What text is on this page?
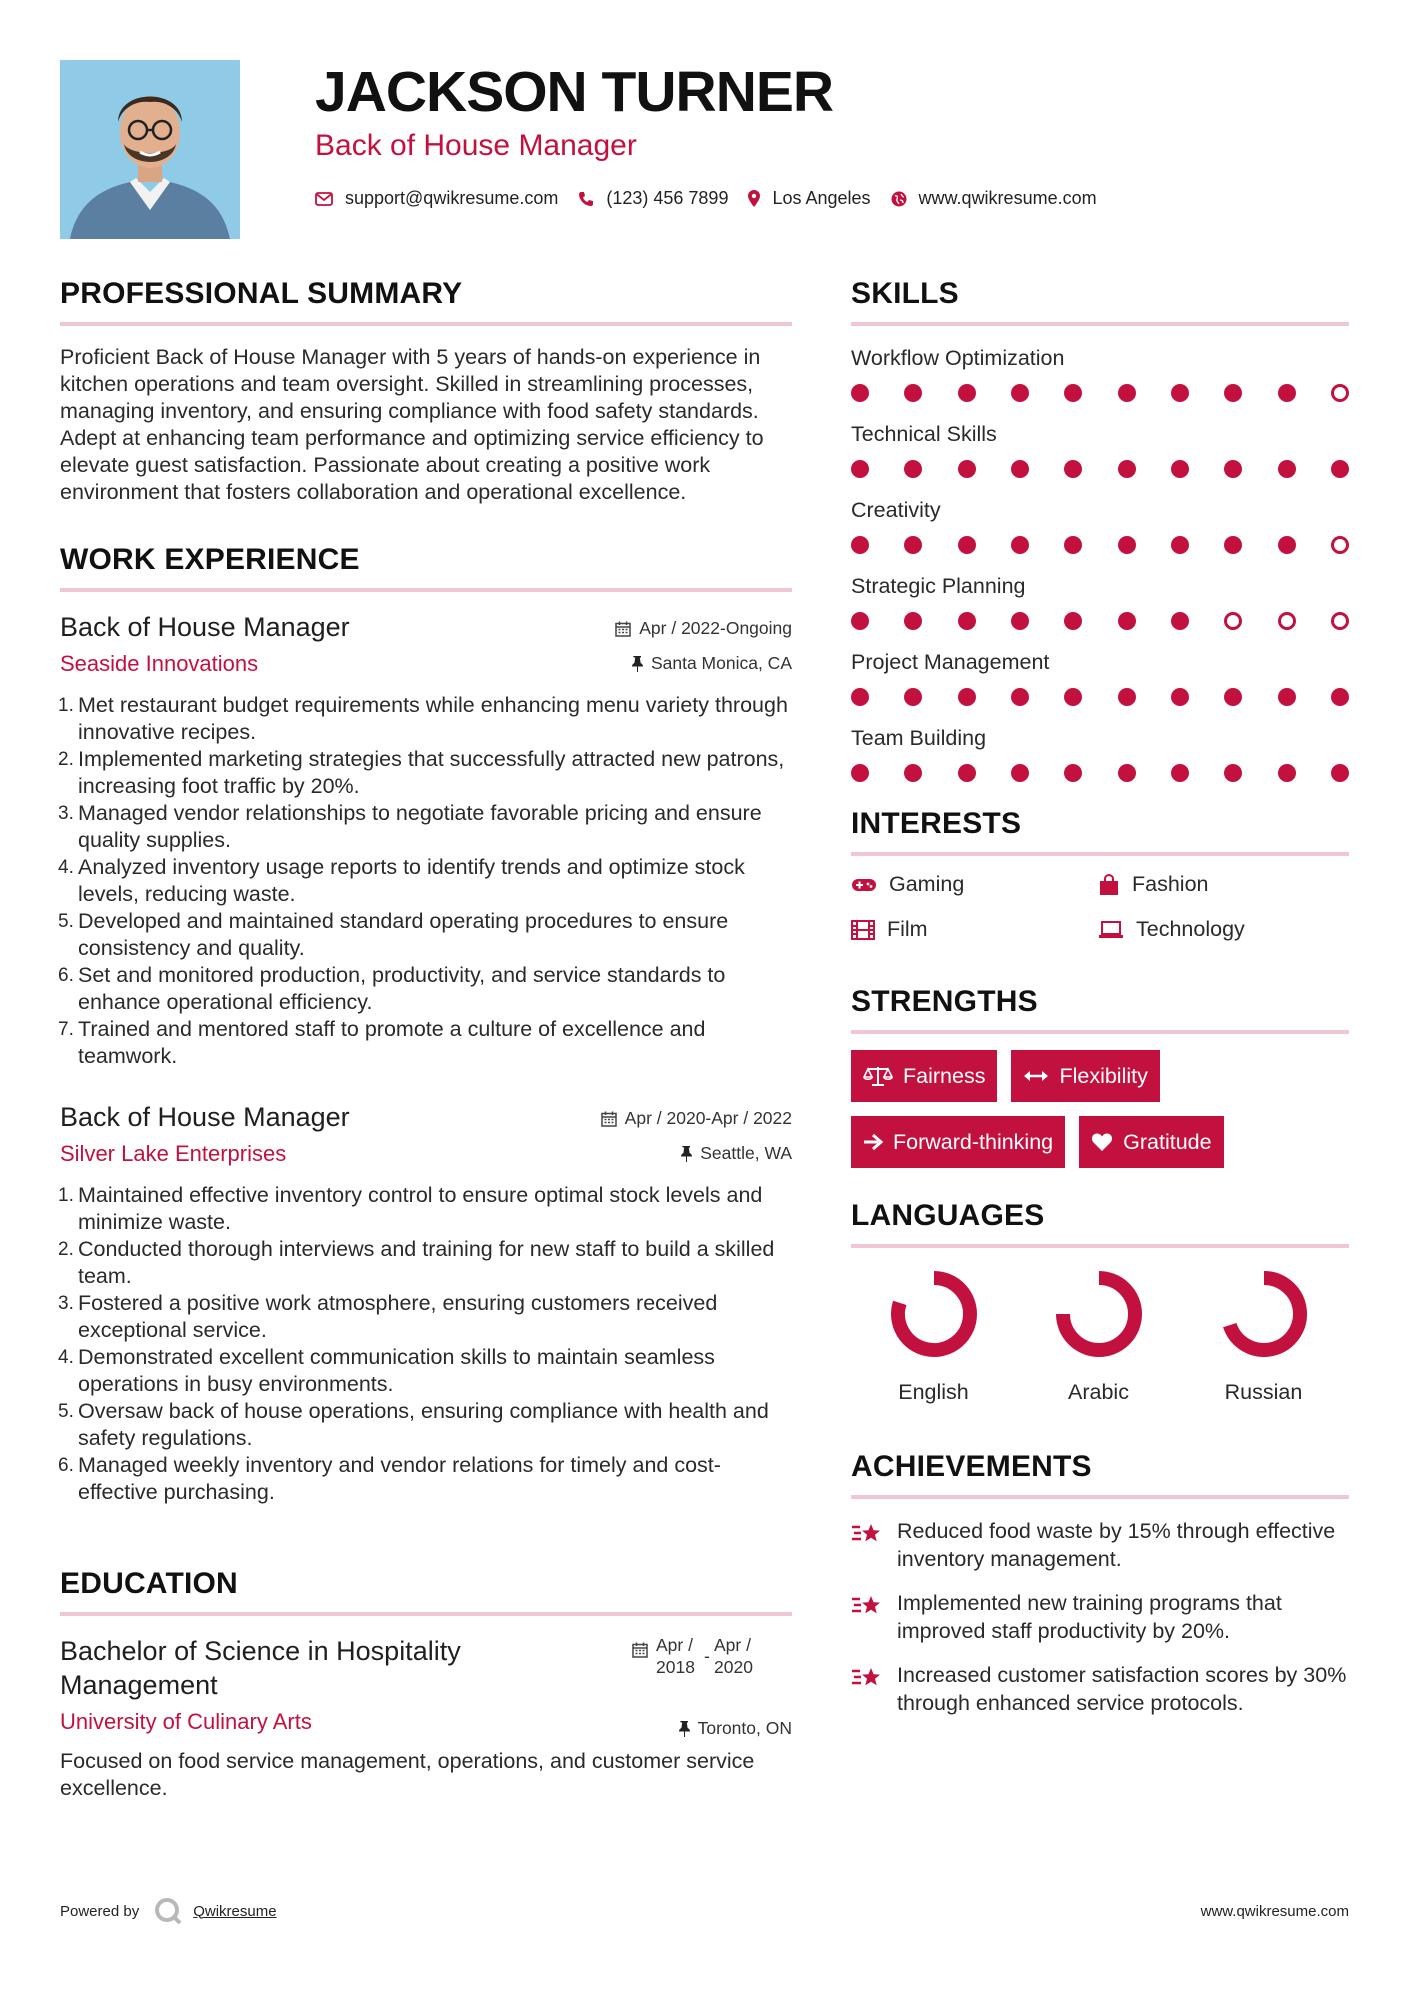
JACKSON TURNER
Back of House Manager
support@qwikresume.com	(123) 456 7899 Los Angeles	www.qwikresume.com
PROFESSIONAL SUMMARY
Proficient Back of House Manager with 5 years of hands-on experience in kitchen operations and team oversight. Skilled in streamlining processes, managing inventory, and ensuring compliance with food safety standards. Adept at enhancing team performance and optimizing service efficiency to elevate guest satisfaction. Passionate about creating a positive work environment that fosters collaboration and operational excellence.
WORK EXPERIENCE
Back of House Manager
Seaside Innovations
Apr / 2022-Ongoing
Santa Monica, CA
Met restaurant budget requirements while enhancing menu variety through innovative recipes.
Implemented marketing strategies that successfully attracted new patrons, increasing foot traffic by 20%.
Managed vendor relationships to negotiate favorable pricing and ensure quality supplies.
Analyzed inventory usage reports to identify trends and optimize stock levels, reducing waste.
Developed and maintained standard operating procedures to ensure consistency and quality.
Set and monitored production, productivity, and service standards to enhance operational efficiency.
Trained and mentored staff to promote a culture of excellence and teamwork.
Back of House Manager
Silver Lake Enterprises
Apr / 2020-Apr / 2022
Seattle, WA
Maintained effective inventory control to ensure optimal stock levels and minimize waste.
Conducted thorough interviews and training for new staff to build a skilled team.
Fostered a positive work atmosphere, ensuring customers received exceptional service.
Demonstrated excellent communication skills to maintain seamless operations in busy environments.
Oversaw back of house operations, ensuring compliance with health and safety regulations.
Managed weekly inventory and vendor relations for timely and cost-effective purchasing.
EDUCATION
Bachelor of Science in Hospitality
Management
University of Culinary Arts
Apr /
2018
-
Apr /
2020
Toronto, ON
Focused on food service management, operations, and customer service excellence.
SKILLS
Workflow Optimization
Technical Skills
Creativity
Strategic Planning
Project Management
Team Building
INTERESTS
Gaming	Fashion
Film	Technology
STRENGTHS
Fairness	Flexibility
Forward-thinking	Gratitude
LANGUAGES
English	Arabic	Russian
ACHIEVEMENTS
Reduced food waste by 15% through effective inventory management.
Implemented new training programs that improved staff productivity by 20%.
Increased customer satisfaction scores by 30% through enhanced service protocols.
Powered by	Qwikresume	www.qwikresume.com
